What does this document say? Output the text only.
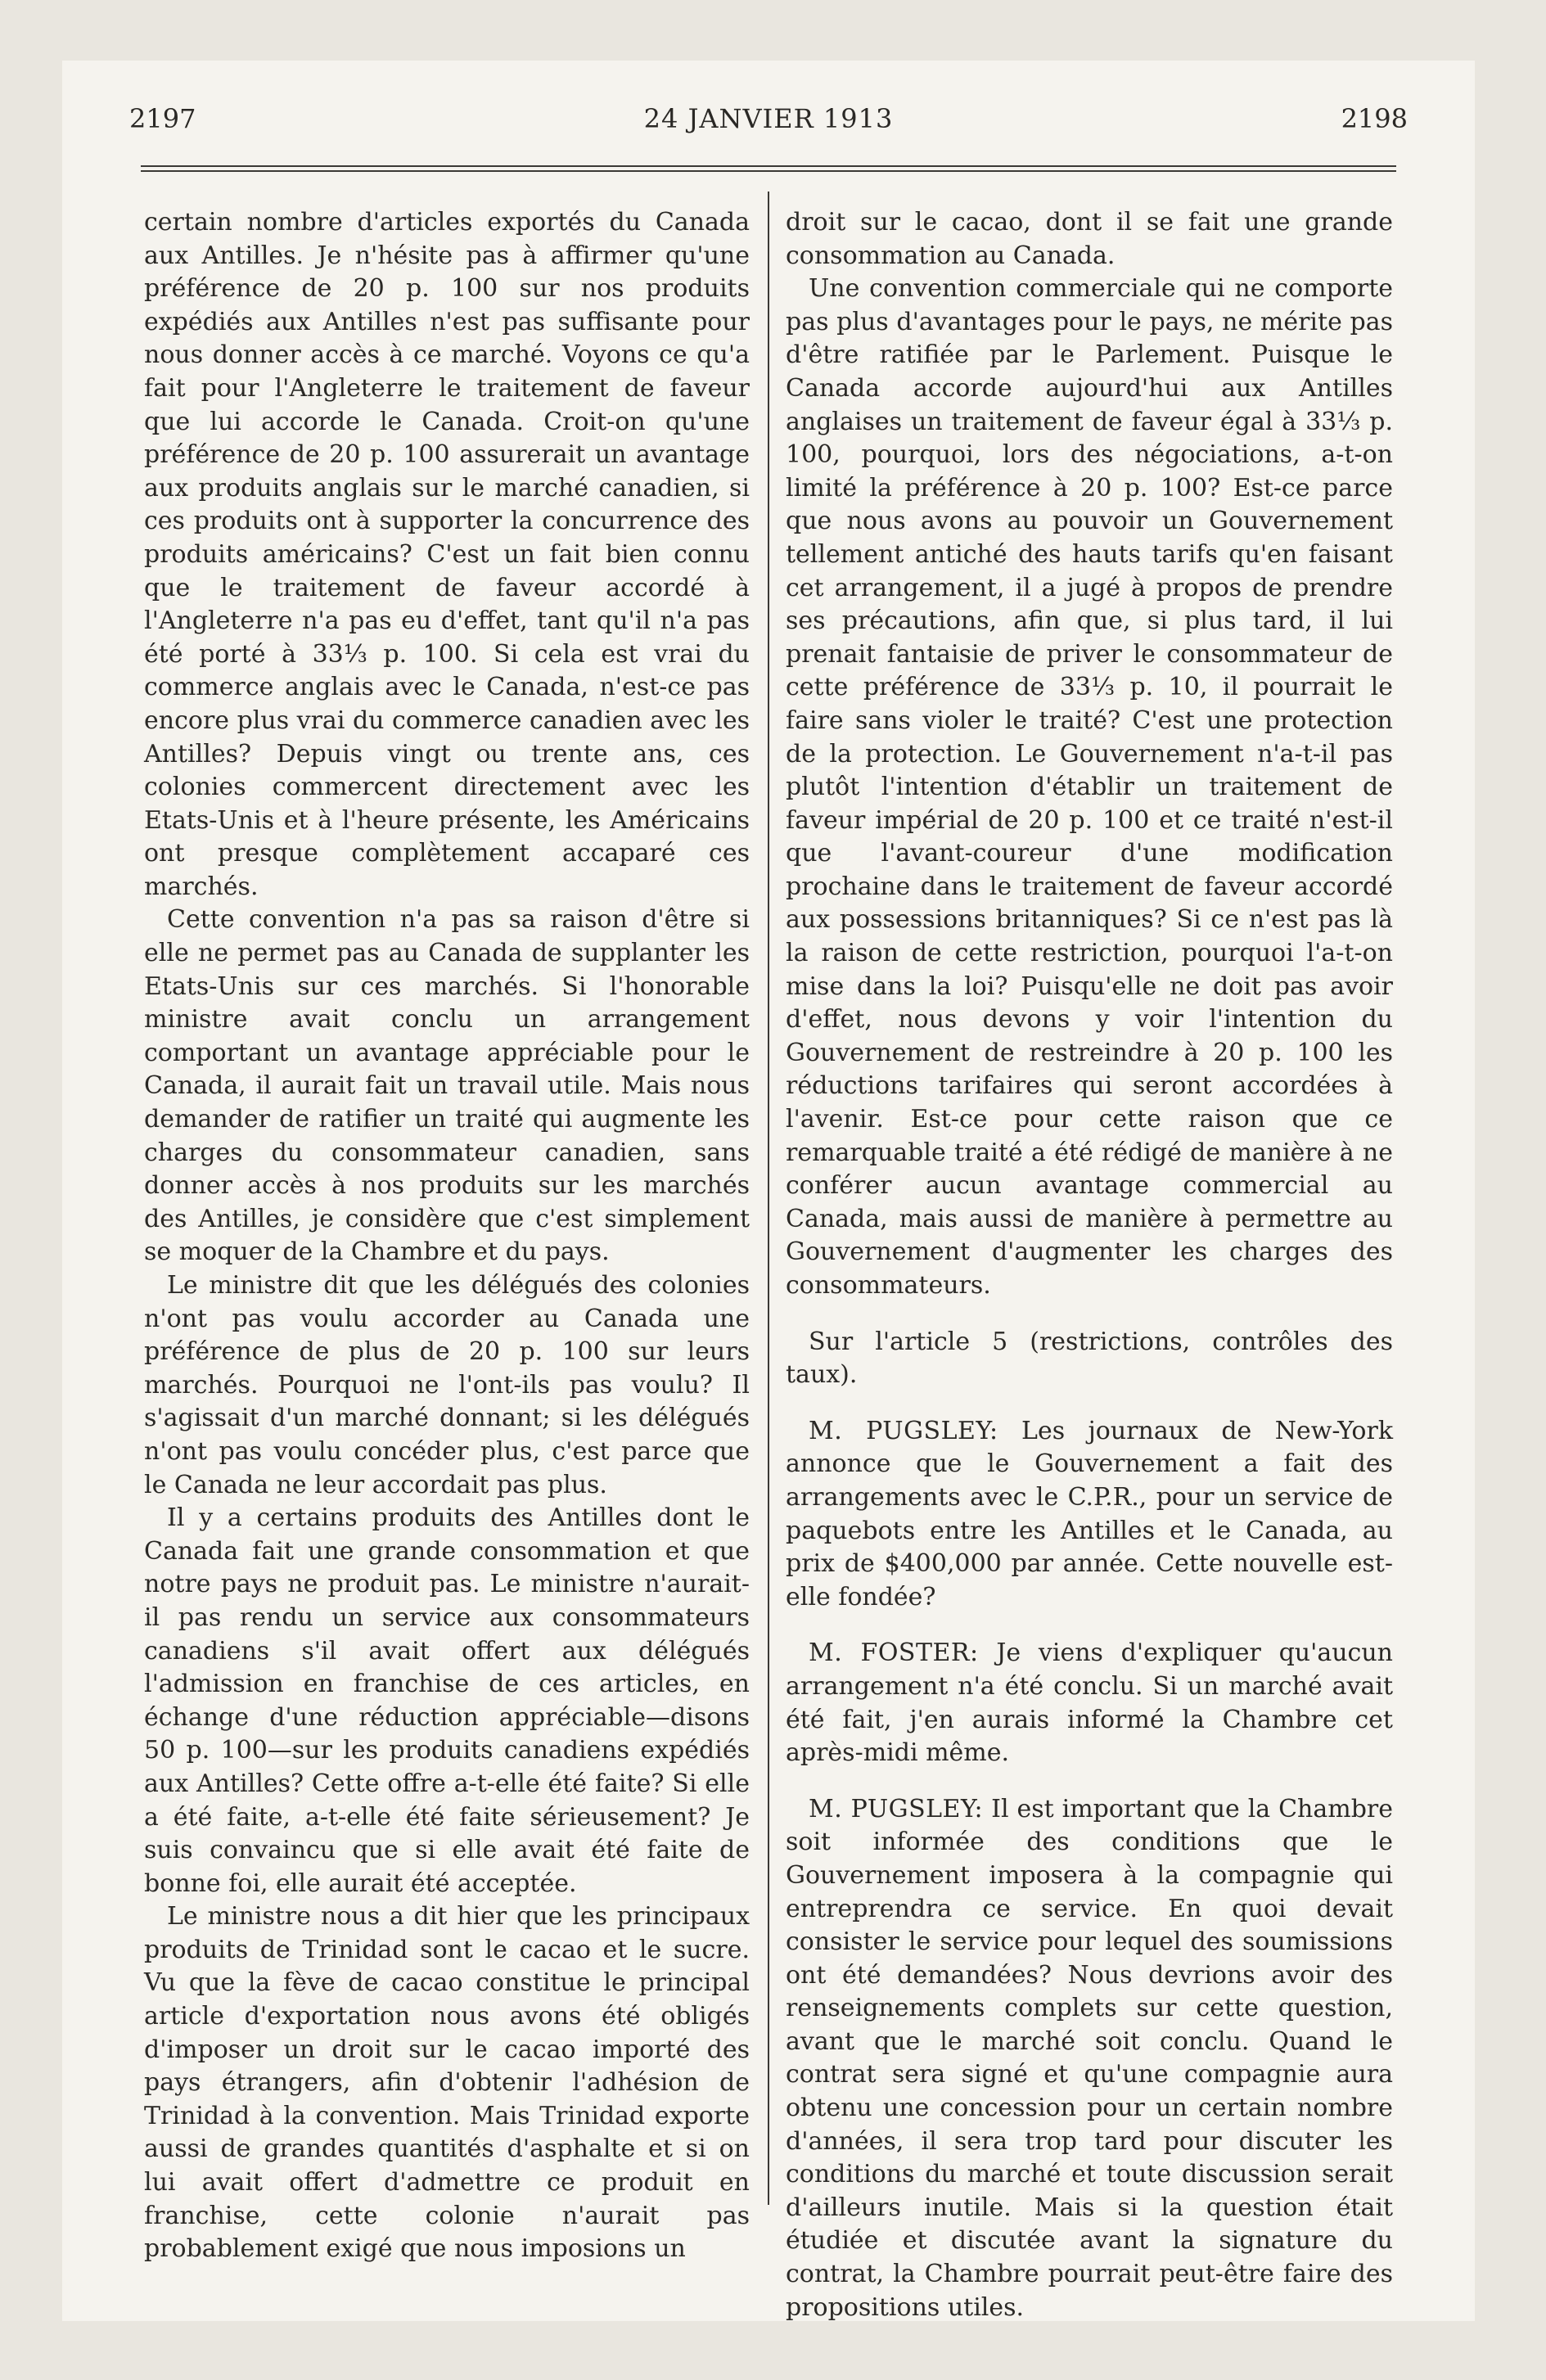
2197	24 JANVIER 1913	2198

certain nombre d'articles exportés du Canada aux Antilles. Je n'hésite pas à affirmer qu'une préférence de 20 p. 100 sur nos produits expédiés aux Antilles n'est pas suffisante pour nous donner accès à ce marché. Voyons ce qu'a fait pour l'Angleterre le traitement de faveur que lui accorde le Canada. Croit-on qu'une préférence de 20 p. 100 assurerait un avantage aux produits anglais sur le marché canadien, si ces produits ont à supporter la concurrence des produits américains? C'est un fait bien connu que le traitement de faveur accordé à l'Angleterre n'a pas eu d'effet, tant qu'il n'a pas été porté à 33⅓ p. 100. Si cela est vrai du commerce anglais avec le Canada, n'est-ce pas encore plus vrai du commerce canadien avec les Antilles? Depuis vingt ou trente ans, ces colonies commercent directement avec les Etats-Unis et à l'heure présente, les Américains ont presque complètement accaparé ces marchés.

Cette convention n'a pas sa raison d'être si elle ne permet pas au Canada de supplanter les Etats-Unis sur ces marchés. Si l'honorable ministre avait conclu un arrangement comportant un avantage appréciable pour le Canada, il aurait fait un travail utile. Mais nous demander de ratifier un traité qui augmente les charges du consommateur canadien, sans donner accès à nos produits sur les marchés des Antilles, je considère que c'est simplement se moquer de la Chambre et du pays.

Le ministre dit que les délégués des colonies n'ont pas voulu accorder au Canada une préférence de plus de 20 p. 100 sur leurs marchés. Pourquoi ne l'ont-ils pas voulu? Il s'agissait d'un marché donnant; si les délégués n'ont pas voulu concéder plus, c'est parce que le Canada ne leur accordait pas plus.

Il y a certains produits des Antilles dont le Canada fait une grande consommation et que notre pays ne produit pas. Le ministre n'aurait-il pas rendu un service aux consommateurs canadiens s'il avait offert aux délégués l'admission en franchise de ces articles, en échange d'une réduction appréciable—disons 50 p. 100—sur les produits canadiens expédiés aux Antilles? Cette offre a-t-elle été faite? Si elle a été faite, a-t-elle été faite sérieusement? Je suis convaincu que si elle avait été faite de bonne foi, elle aurait été acceptée.

Le ministre nous a dit hier que les principaux produits de Trinidad sont le cacao et le sucre. Vu que la fève de cacao constitue le principal article d'exportation nous avons été obligés d'imposer un droit sur le cacao importé des pays étrangers, afin d'obtenir l'adhésion de Trinidad à la convention. Mais Trinidad exporte aussi de grandes quantités d'asphalte et si on lui avait offert d'admettre ce produit en franchise, cette colonie n'aurait pas probablement exigé que nous imposions un

droit sur le cacao, dont il se fait une grande consommation au Canada.

Une convention commerciale qui ne comporte pas plus d'avantages pour le pays, ne mérite pas d'être ratifiée par le Parlement. Puisque le Canada accorde aujourd'hui aux Antilles anglaises un traitement de faveur égal à 33⅓ p. 100, pourquoi, lors des négociations, a-t-on limité la préférence à 20 p. 100? Est-ce parce que nous avons au pouvoir un Gouvernement tellement antiché des hauts tarifs qu'en faisant cet arrangement, il a jugé à propos de prendre ses précautions, afin que, si plus tard, il lui prenait fantaisie de priver le consommateur de cette préférence de 33⅓ p. 10, il pourrait le faire sans violer le traité? C'est une protection de la protection. Le Gouvernement n'a-t-il pas plutôt l'intention d'établir un traitement de faveur impérial de 20 p. 100 et ce traité n'est-il que l'avant-coureur d'une modification prochaine dans le traitement de faveur accordé aux possessions britanniques? Si ce n'est pas là la raison de cette restriction, pourquoi l'a-t-on mise dans la loi? Puisqu'elle ne doit pas avoir d'effet, nous devons y voir l'intention du Gouvernement de restreindre à 20 p. 100 les réductions tarifaires qui seront accordées à l'avenir. Est-ce pour cette raison que ce remarquable traité a été rédigé de manière à ne conférer aucun avantage commercial au Canada, mais aussi de manière à permettre au Gouvernement d'augmenter les charges des consommateurs.

Sur l'article 5 (restrictions, contrôles des taux).

M. PUGSLEY: Les journaux de New-York annonce que le Gouvernement a fait des arrangements avec le C.P.R., pour un service de paquebots entre les Antilles et le Canada, au prix de $400,000 par année. Cette nouvelle est-elle fondée?

M. FOSTER: Je viens d'expliquer qu'aucun arrangement n'a été conclu. Si un marché avait été fait, j'en aurais informé la Chambre cet après-midi même.

M. PUGSLEY: Il est important que la Chambre soit informée des conditions que le Gouvernement imposera à la compagnie qui entreprendra ce service. En quoi devait consister le service pour lequel des soumissions ont été demandées? Nous devrions avoir des renseignements complets sur cette question, avant que le marché soit conclu. Quand le contrat sera signé et qu'une compagnie aura obtenu une concession pour un certain nombre d'années, il sera trop tard pour discuter les conditions du marché et toute discussion serait d'ailleurs inutile. Mais si la question était étudiée et discutée avant la signature du contrat, la Chambre pourrait peut-être faire des propositions utiles.
